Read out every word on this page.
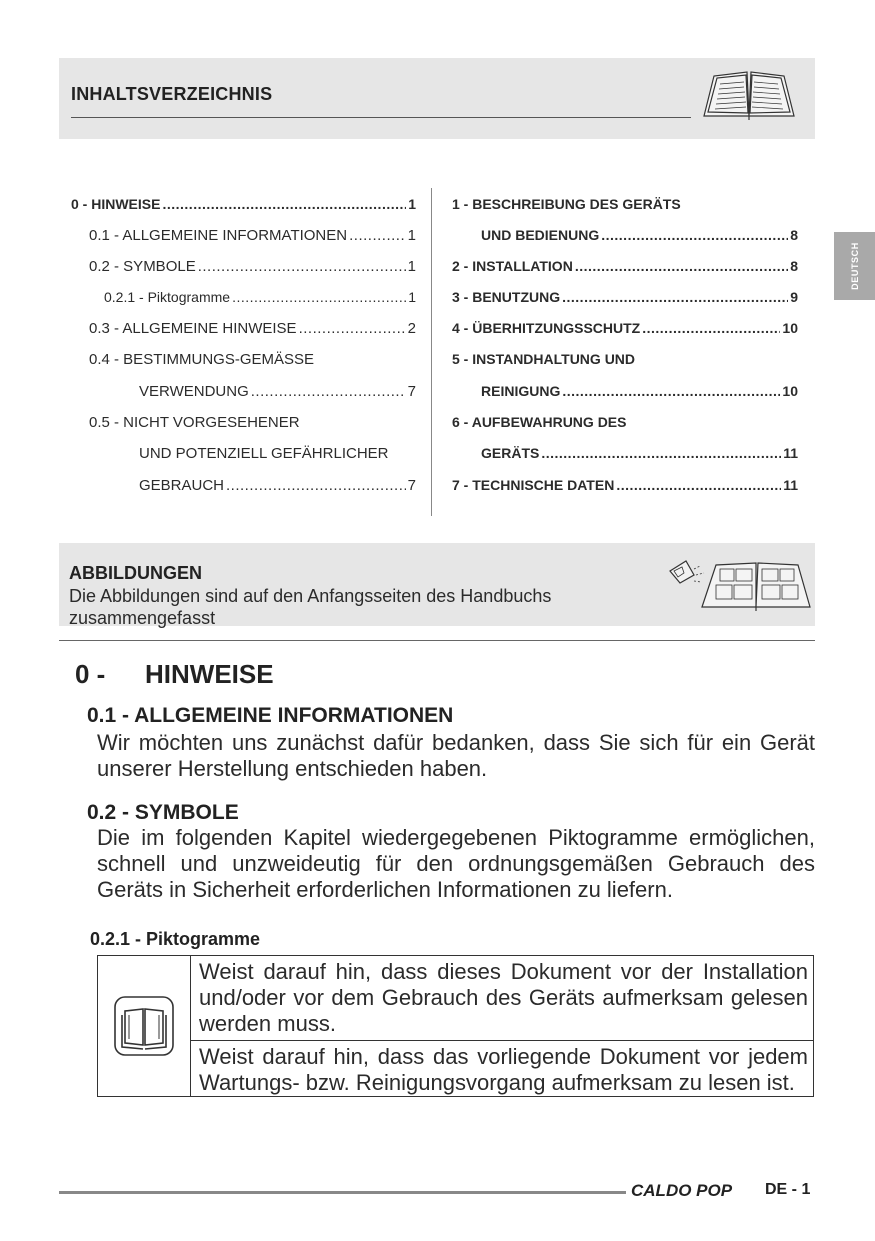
INHALTSVERZEICHNIS
DEUTSCH
0 - HINWEISE .....	1
0.1 - ALLGEMEINE INFORMATIONEN .....	1
0.2 - SYMBOLE .....	1
0.2.1 - Piktogramme .....	1
0.3 - ALLGEMEINE HINWEISE .....	2
0.4 - BESTIMMUNGS-GEMÄSSE
VERWENDUNG .....	7
0.5 - NICHT VORGESEHENER
UND POTENZIELL GEFÄHRLICHER
GEBRAUCH .....	7
1 - BESCHREIBUNG DES GERÄTS
UND BEDIENUNG .....	8
2 - INSTALLATION .....	8
3 - BENUTZUNG .....	9
4 - ÜBERHITZUNGSSCHUTZ .....	10
5 - INSTANDHALTUNG UND
REINIGUNG .....	10
6 - AUFBEWAHRUNG DES
GERÄTS .....	11
7 - TECHNISCHE DATEN .....	11
ABBILDUNGEN
Die Abbildungen sind auf den Anfangsseiten des Handbuchs zusammengefasst
0 - HINWEISE
0.1 - ALLGEMEINE INFORMATIONEN
Wir möchten uns zunächst dafür bedanken, dass Sie sich für ein Gerät unserer Herstellung entschieden haben.
0.2 - SYMBOLE
Die im folgenden Kapitel wiedergegebenen Piktogramme ermöglichen, schnell und unzweideutig für den ordnungsgemäßen Gebrauch des Geräts in Sicherheit erforderlichen Informationen zu liefern.
0.2.1 - Piktogramme
Weist darauf hin, dass dieses Dokument vor der Installation und/oder vor dem Gebrauch des Geräts aufmerksam gelesen werden muss.
Weist darauf hin, dass das vorliegende Dokument vor jedem Wartungs- bzw. Reinigungsvorgang aufmerksam zu lesen ist.
CALDO POP DE - 1
